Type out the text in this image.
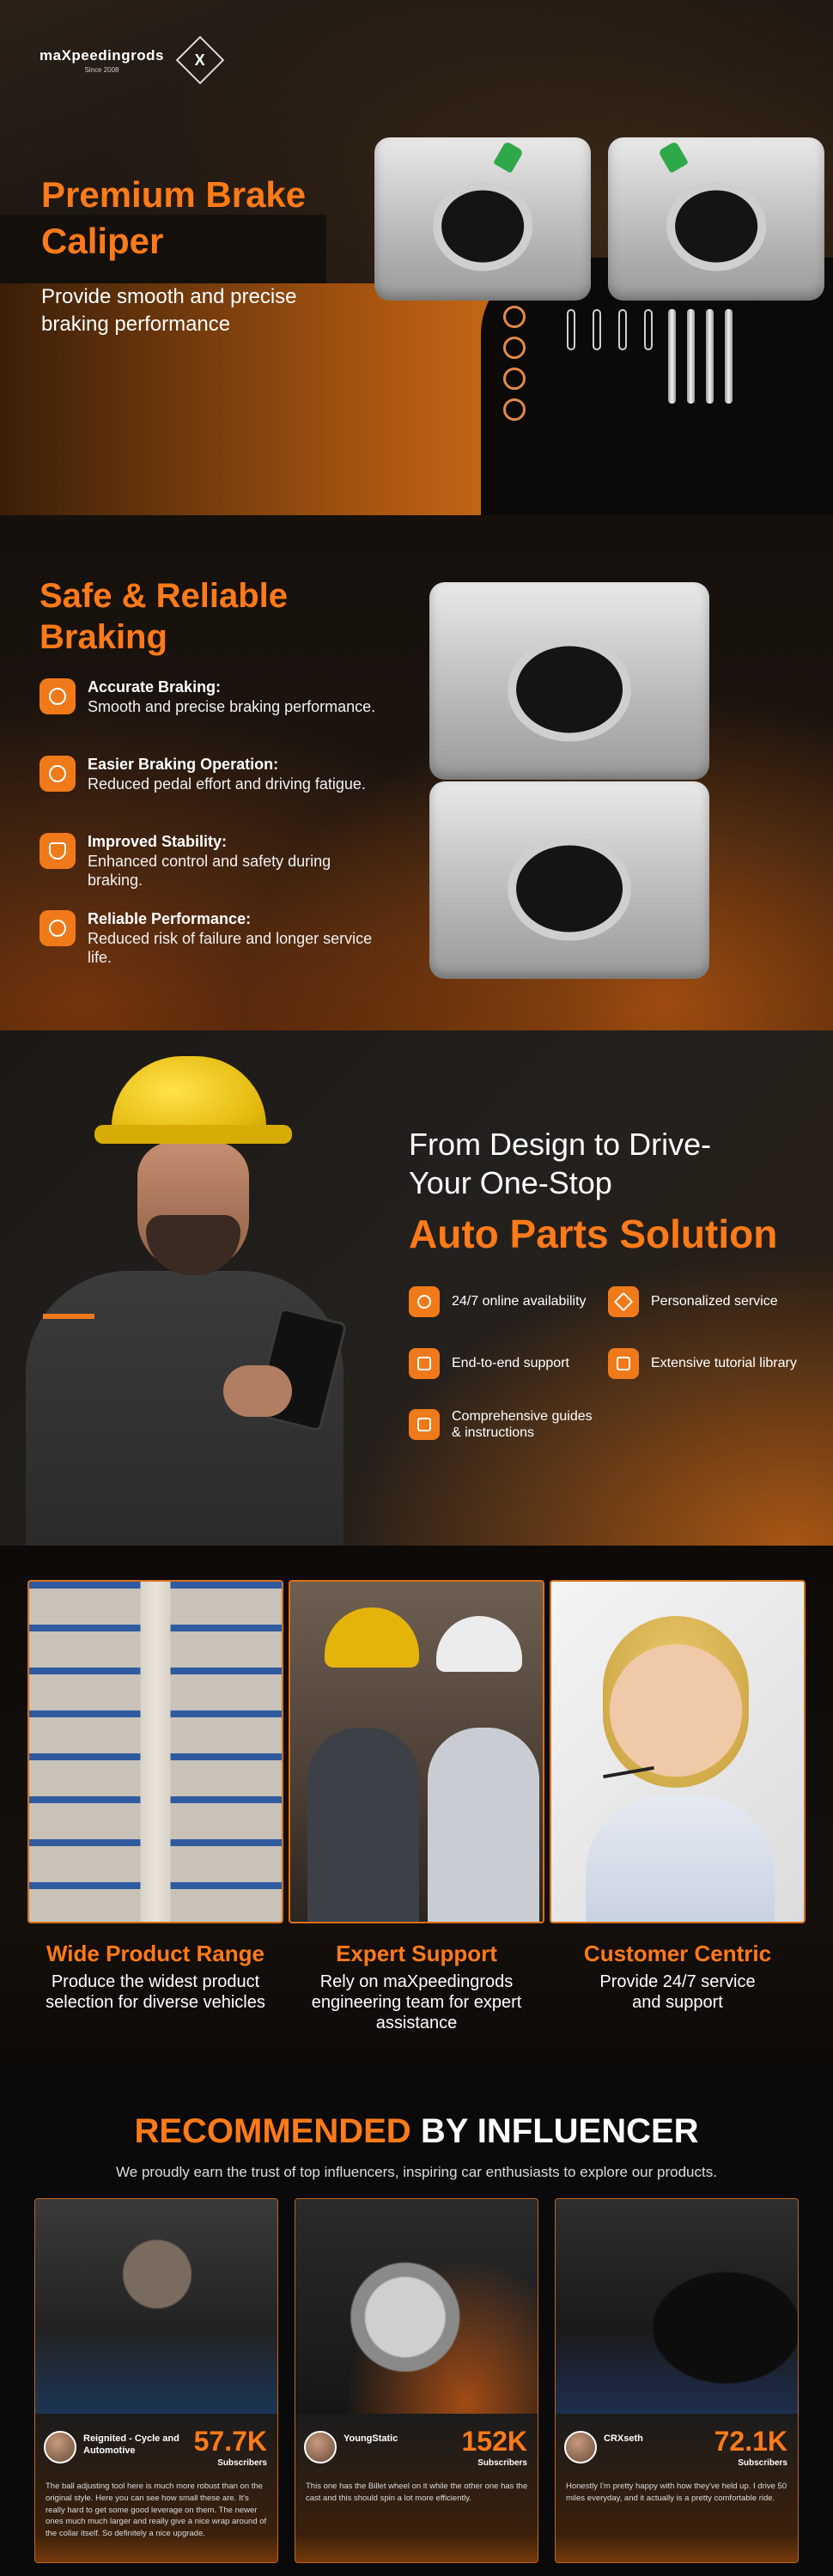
maXpeedingrods
Since 2008
X
Premium Brake Caliper
Provide smooth and precise braking performance
Safe & Reliable Braking
Accurate Braking:
Smooth and precise braking performance.
Easier Braking Operation:
Reduced pedal effort and driving fatigue.
Improved Stability:
Enhanced control and safety during braking.
Reliable Performance:
Reduced risk of failure and longer service life.
From Design to Drive-
Your One-Stop
Auto Parts Solution
24/7 online availability	Personalized service
End-to-end support	Extensive tutorial library
Comprehensive guides & instructions
Wide Product Range
Produce the widest product selection for diverse vehicles
Expert Support
Rely on maXpeedingrods engineering team for expert assistance
Customer Centric
Provide 24/7 service and support
RECOMMENDED BY INFLUENCER
We proudly earn the trust of top influencers, inspiring car enthusiasts to explore our products.
Reignited - Cycle and Automotive	57.7K
Subscribers
The ball adjusting tool here is much more robust than on the original style. Here you can see how small these are. It's really hard to get some good leverage on them. The newer ones much much larger and really give a nice wrap around of the collar itself. So definitely a nice upgrade.
YoungStatic	152K
Subscribers
This one has the Billet wheel on it while the other one has the cast and this should spin a lot more efficiently.
CRXseth	72.1K
Subscribers
Honestly I'm pretty happy with how they've held up. I drive 50 miles everyday, and it actually is a pretty comfortable ride.
